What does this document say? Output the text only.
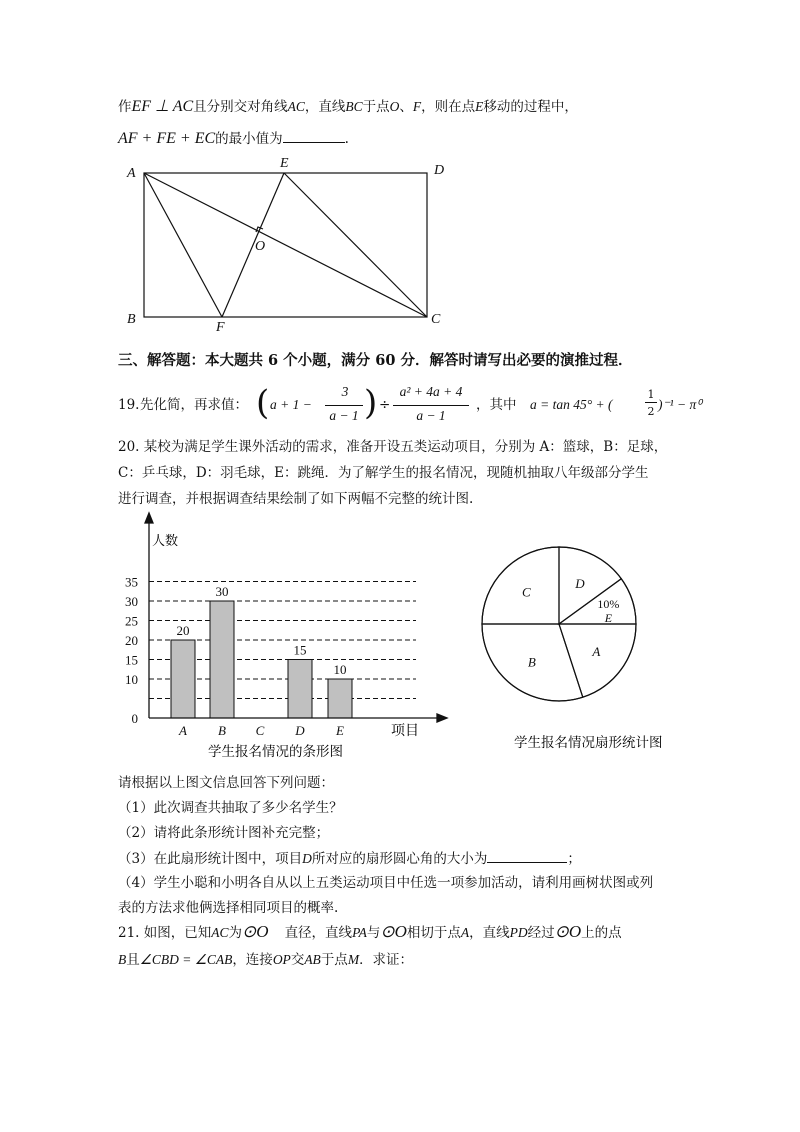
作EF ⊥ AC且分别交对角线AC，直线BC于点O、F，则在点E移动的过程中，
AF + FE + EC的最小值为	.
A
B	C
D
E
F
O
三、解答题：本大题共 6 个小题，满分 60 分．解答时请写出必要的演推过程．
19. 先化简，再求值： ( a + 1 −
3
a − 1 ) ÷
a² + 4a + 4
a − 1
，其中 a = tan 45° + (
1
2 )⁻¹ − π⁰
20. 某校为满足学生课外活动的需求，准备开设五类运动项目，分别为 A：篮球，B：足球，
C：乒乓球，D：羽毛球，E：跳绳．为了解学生的报名情况，现随机抽取八年级部分学生
进行调查，并根据调查结果绘制了如下两幅不完整的统计图.
0
10
15
20
25
30
35
A B C D E
20
30
15
10
人数
项目
学生报名情况的条形图
D
10%
E
A
B
C
学生报名情况扇形统计图
请根据以上图文信息回答下列问题：
（1）此次调查共抽取了多少名学生？
（2）请将此条形统计图补充完整；
（3）在此扇形统计图中，项目D所对应的扇形圆心角的大小为	；
（4）学生小聪和小明各自从以上五类运动项目中任选一项参加活动，请利用画树状图或列
表的方法求他俩选择相同项目的概率.
21. 如图，已知AC为⊙O 直径，直线PA与⊙O相切于点A，直线PD经过⊙O上的点
B且∠CBD = ∠CAB，连接OP交AB于点M．求证：
